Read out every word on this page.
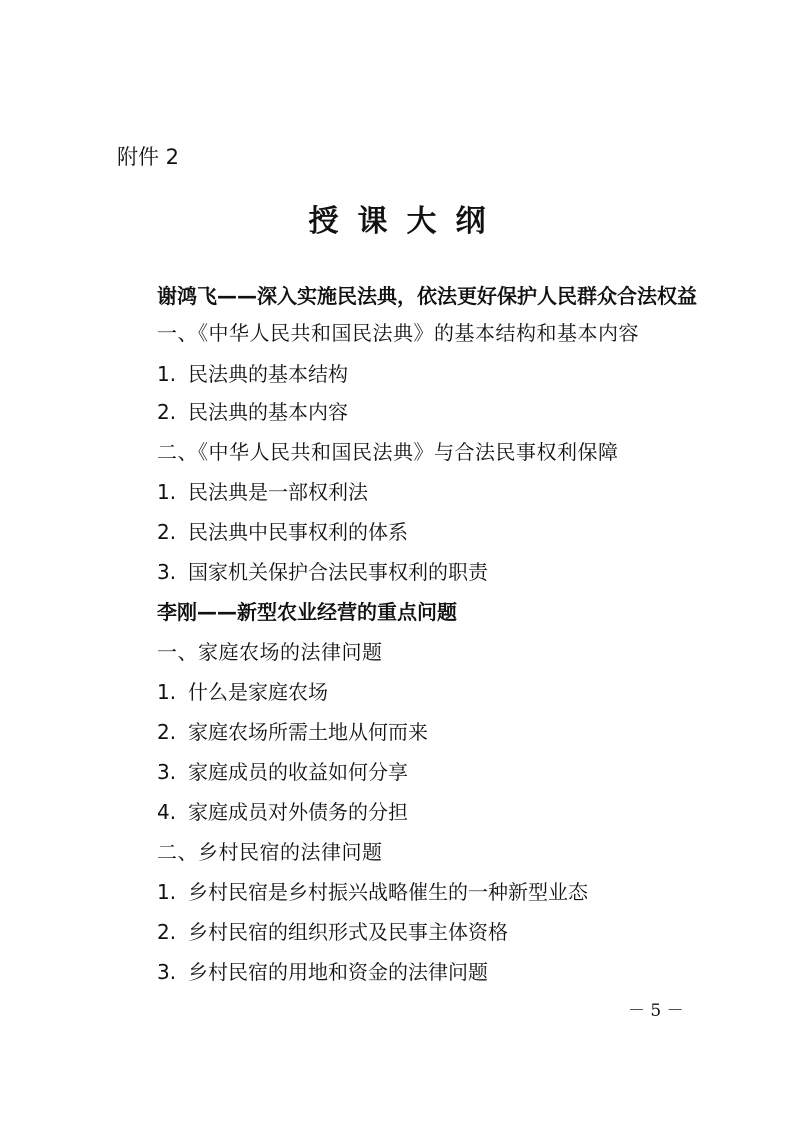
附件 2
授课大纲
谢鸿飞——深入实施民法典，依法更好保护人民群众合法权益
一、《中华人民共和国民法典》的基本结构和基本内容
1. 民法典的基本结构
2. 民法典的基本内容
二、《中华人民共和国民法典》与合法民事权利保障
1. 民法典是一部权利法
2. 民法典中民事权利的体系
3. 国家机关保护合法民事权利的职责
李刚——新型农业经营的重点问题
一、家庭农场的法律问题
1. 什么是家庭农场
2. 家庭农场所需土地从何而来
3. 家庭成员的收益如何分享
4. 家庭成员对外债务的分担
二、乡村民宿的法律问题
1. 乡村民宿是乡村振兴战略催生的一种新型业态
2. 乡村民宿的组织形式及民事主体资格
3. 乡村民宿的用地和资金的法律问题
－ 5 －
